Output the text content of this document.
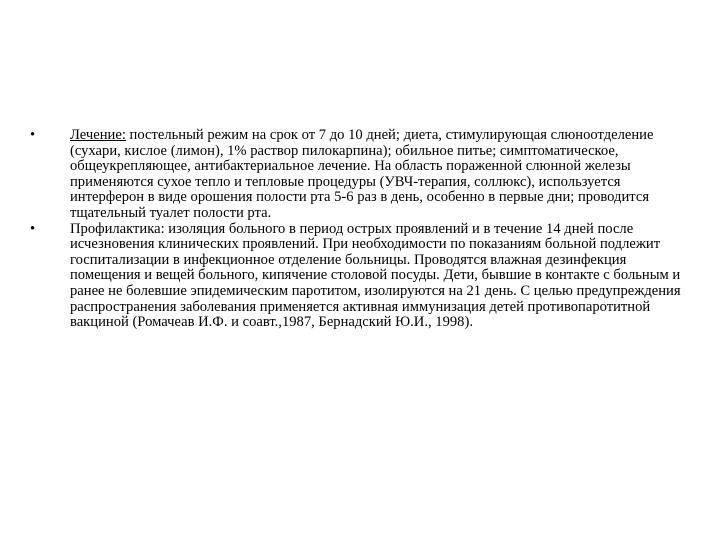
•	Лечение: постельный режим на срок от 7 до 10 дней; диета, стимулирующая слюноотделение (сухари, кислое (лимон), 1% раствор пилокарпина); обильное питье; симптоматическое, общеукрепляющее, антибактериальное лечение. На область пораженной слюнной железы применяются сухое тепло и тепловые процедуры (УВЧ-терапия, соллюкс), используется интерферон в виде орошения полости рта 5-6 раз в день, особенно в первые дни; проводится тщательный туалет полости рта.
•	Профилактика: изоляция больного в период острых проявлений и в течение 14 дней после исчезновения клинических проявлений. При необходимости по показаниям больной подлежит госпитализации в инфекционное отделение больницы. Проводятся влажная дезинфекция помещения и вещей больного, кипячение столовой посуды. Дети, бывшие в контакте с больным и ранее не болевшие эпидемическим паротитом, изолируются на 21 день. С целью предупреждения распространения заболевания применяется активная иммунизация детей противопаротитной вакциной (Ромачеав И.Ф. и соавт.,1987, Бернадский Ю.И., 1998).
